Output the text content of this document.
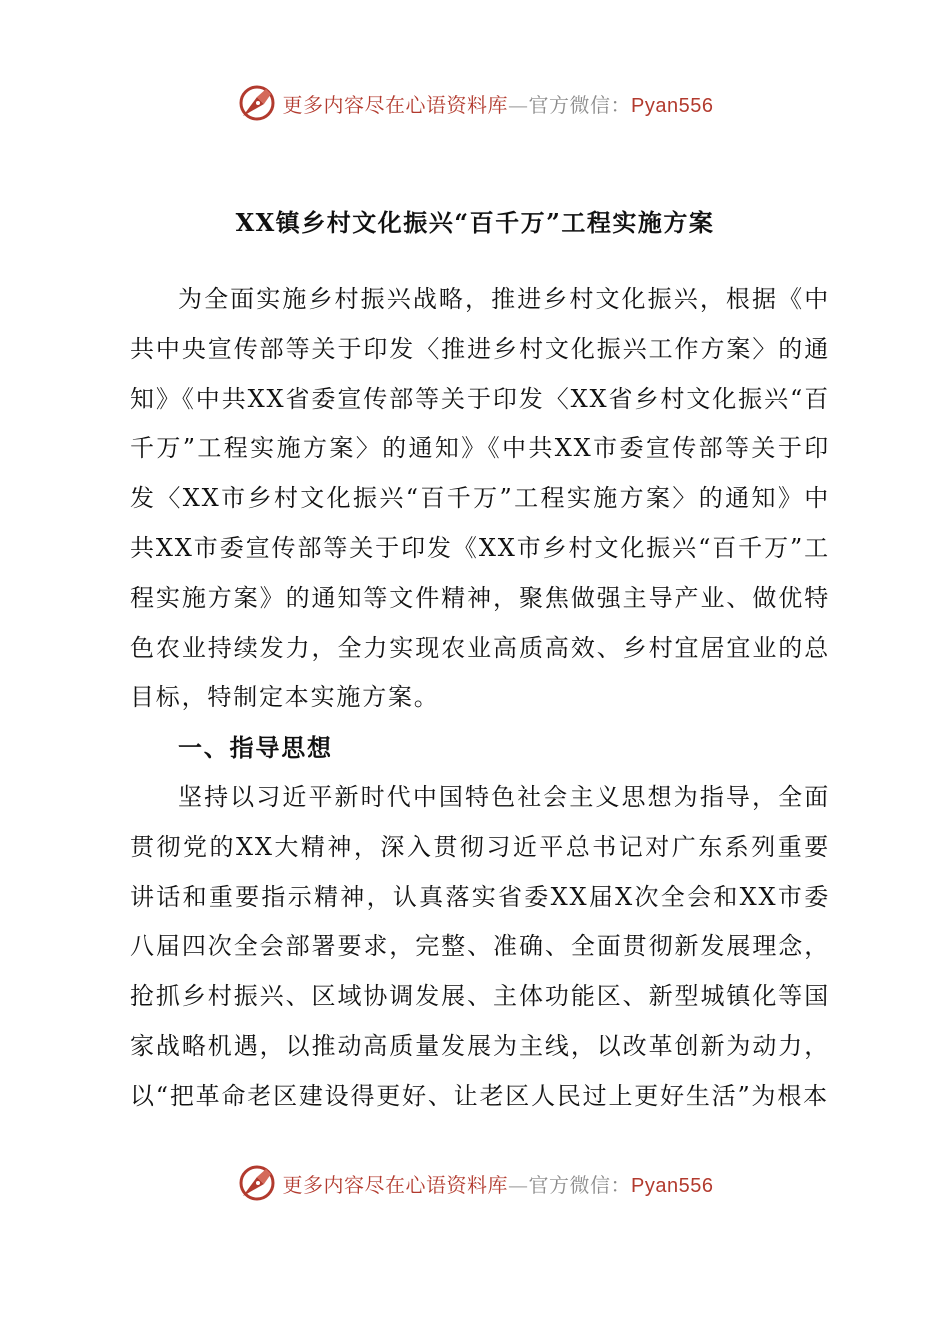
更多内容尽在心语资料库—官方微信：Pyan556
XX镇乡村文化振兴“百千万”工程实施方案

为全面实施乡村振兴战略，推进乡村文化振兴，根据《中共中央宣传部等关于印发〈推进乡村文化振兴工作方案〉的通知》《中共XX省委宣传部等关于印发〈XX省乡村文化振兴“百千万”工程实施方案〉的通知》《中共XX市委宣传部等关于印发〈XX市乡村文化振兴“百千万”工程实施方案〉的通知》中共XX市委宣传部等关于印发《XX市乡村文化振兴“百千万”工程实施方案》的通知等文件精神，聚焦做强主导产业、做优特色农业持续发力，全力实现农业高质高效、乡村宜居宜业的总目标，特制定本实施方案。

一、指导思想

坚持以习近平新时代中国特色社会主义思想为指导，全面贯彻党的XX大精神，深入贯彻习近平总书记对广东系列重要讲话和重要指示精神，认真落实省委XX届X次全会和XX市委八届四次全会部署要求，完整、准确、全面贯彻新发展理念，抢抓乡村振兴、区域协调发展、主体功能区、新型城镇化等国家战略机遇，以推动高质量发展为主线，以改革创新为动力，以“把革命老区建设得更好、让老区人民过上更好生活”为根本

更多内容尽在心语资料库—官方微信：Pyan556
